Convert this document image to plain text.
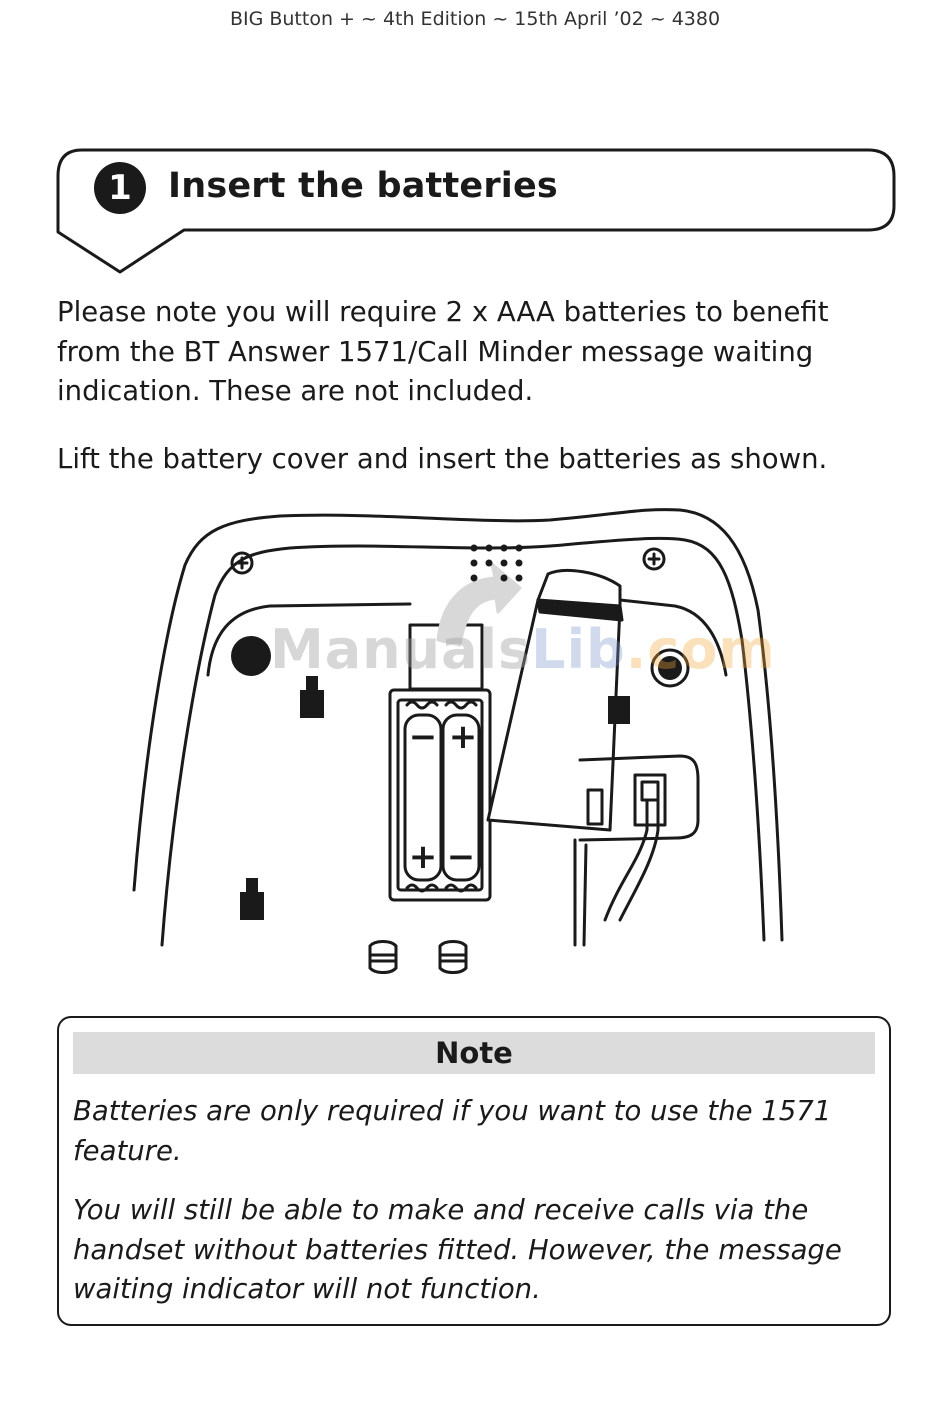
BIG Button + ~ 4th Edition ~ 15th April ’02 ~ 4380
1	Insert the batteries

Please note you will require 2 x AAA batteries to benefit from the BT Answer 1571/Call Minder message waiting indication. These are not included.

Lift the battery cover and insert the batteries as shown.

− +
+ −
ManualsLib.com
Note

Batteries are only required if you want to use the 1571 feature.

You will still be able to make and receive calls via the handset without batteries fitted. However, the message waiting indicator will not function.
